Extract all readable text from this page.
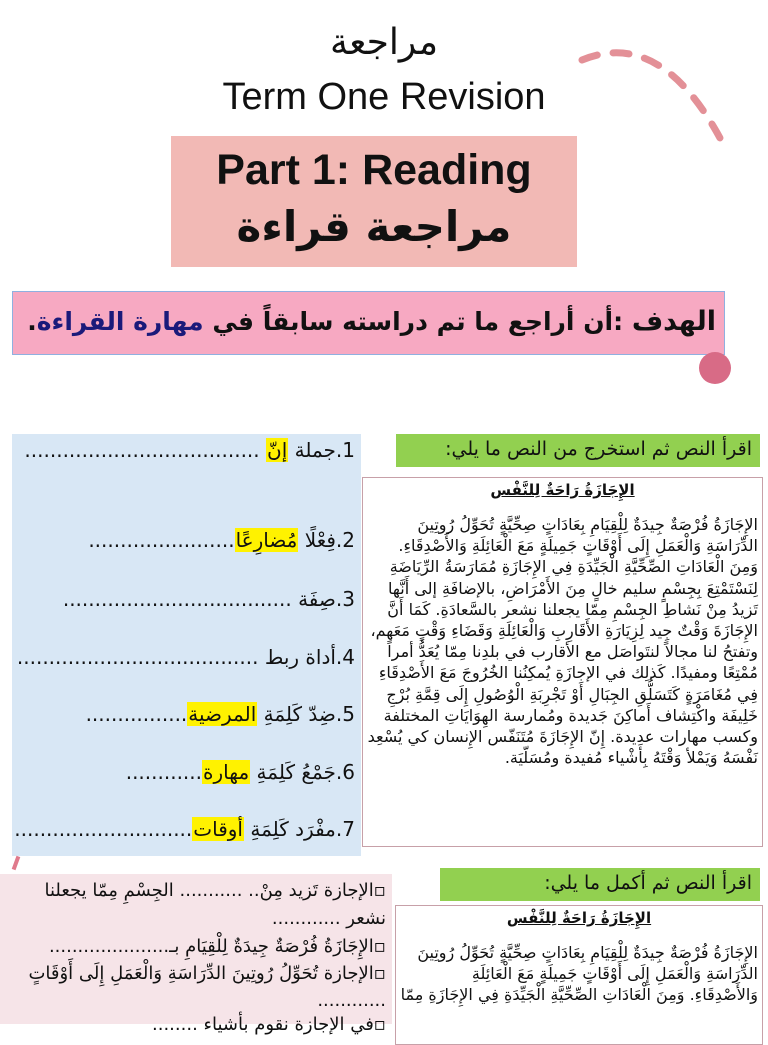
مراجعة
Term One Revision
Part 1: Reading
مراجعة قراءة
الهدف :أن أراجع ما تم دراسته سابقاً في مهارة القراءة.
1.جملة إنّ .....................................
2.فِعْلًا مُضارِعًا.......................
3.صِفَة ....................................
4.أداة ربط ......................................
5.ضِدّ كَلِمَةِ المرضية................
6.جَمْعُ كَلِمَةِ مهارة............
7.مفْرَد كَلِمَةِ أوقات............................
اقرأ النص ثم استخرج من النص ما يلي:
الإِجَازَةُ رَاحَةٌ لِلنَّفْس
الإِجَازَةُ فُرْصَةٌ جِيدَةٌ لِلْقِيَامِ بِعَادَاتٍ صِحِّيَّةٍ تُحَوِّلُ رُوتِينَ الدِّرَاسَةِ وَالْعَمَلِ إِلَى أَوْقَاتٍ جَمِيلَةٍ مَعَ الْعَائِلَةِ وَالأَصْدِقَاءِ. وَمِنَ الْعَادَاتِ الصِّحِّيَّةِ الْجَيِّدَةِ فِي الإِجَازَةِ مُمَارَسَةُ الرِّيَاضَةِ لِنَسْتَمْتِعَ بِجِسْمٍ سليم خالٍ مِنَ الأَمْرَاضِ، بالإضافَةِ إلى أَنَّها تَزيدُ مِنْ نَشاطِ الجِسْمِ مِمّا يجعلنا نشعر بالسَّعادَةِ. كَمَا أَنَّ الإِجَازَةَ وَقْتٌ جِيد لِزِيَارَةِ الأَقَارِبِ وَالْعَائِلَةِ وَقَضَاءِ وَقْتٍ مَعَهم، وتفتحُ لنا مجالاً لنتَواصَل مع الأقارب في بلدِنا مِمّا يُعَدُّ أمراً مُمْتِعًا ومفيدًا. كَذلِك في الإجازَةِ يُمكِنُنا الخُرُوجَ مَعَ الأَصْدِقَاءِ فِي مُغَامَرَةٍ كَتَسَلُّقِ الجِبَالِ أَوْ تَجْرِبَةِ الْوُصُولِ إِلَى قِمَّةِ بُرْجِ خَلِيفَة واكْتِشاف أَماكِنَ جَديدة ومُمارسة الهِوَايَاتِ المختلفة وكسب مهارات عديدة. إِنّ الإِجَازَةَ مُتَنَفّس الإِنسان كي يُسْعِد نَفْسَهُ وَيَمْلأ وَقْتَهُ بِأَشْياء مُفيدة ومُسَلّيَة.
▫الإجازة تَزيد مِنْ.. ........... الجِسْمِ مِمّا يجعلنا
نشعر ............
▫الإِجَازَةُ فُرْصَةٌ جِيدَةٌ لِلْقِيَامِ بـ.....................
▫الإجازة تُحَوِّلُ رُوتِينَ الدِّرَاسَةِ وَالْعَمَلِ إِلَى أَوْقَاتٍ
............
▫في الإجازة نقوم بأشياء ........
اقرأ النص ثم أكمل ما يلي:
الإِجَازَةُ رَاحَةٌ لِلنَّفْس
الإِجَازَةُ فُرْصَةٌ جِيدَةٌ لِلْقِيَامِ بِعَادَاتٍ صِحِّيَّةٍ تُحَوِّلُ رُوتِينَ الدِّرَاسَةِ وَالْعَمَلِ إِلَى أَوْقَاتٍ جَمِيلَةٍ مَعَ الْعَائِلَةِ وَالأَصْدِقَاءِ. وَمِنَ الْعَادَاتِ الصِّحِّيَّةِ الْجَيِّدَةِ فِي الإِجَازَةِ مِمّا
